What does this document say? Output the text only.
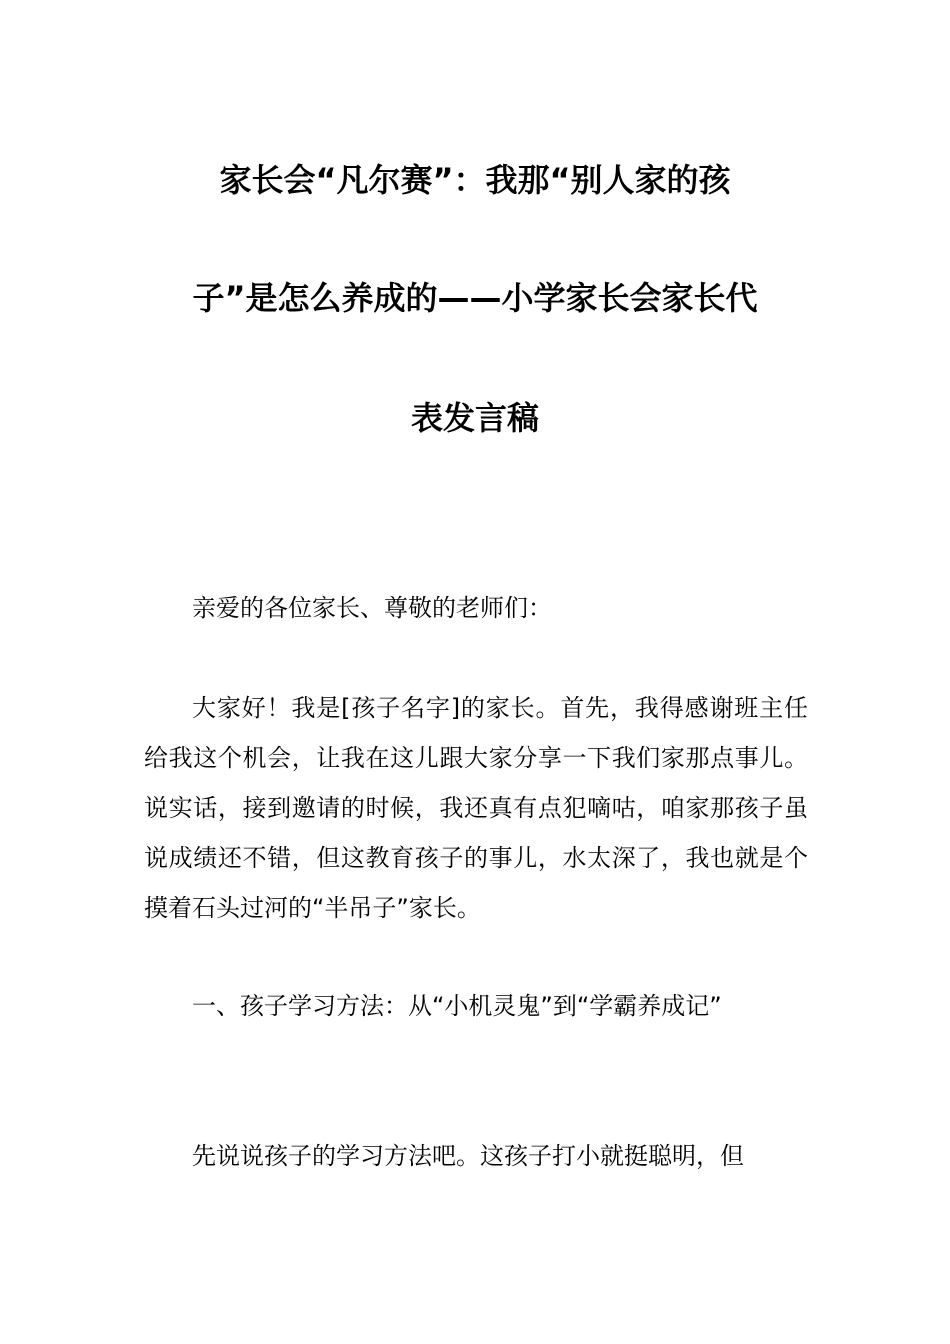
家长会“凡尔赛”：我那“别人家的孩
子”是怎么养成的——小学家长会家长代
表发言稿

亲爱的各位家长、尊敬的老师们：

大家好！我是[孩子名字]的家长。首先，我得感谢班主任给我这个机会，让我在这儿跟大家分享一下我们家那点事儿。说实话，接到邀请的时候，我还真有点犯嘀咕，咱家那孩子虽说成绩还不错，但这教育孩子的事儿，水太深了，我也就是个摸着石头过河的“半吊子”家长。

一、孩子学习方法：从“小机灵鬼”到“学霸养成记”

先说说孩子的学习方法吧。这孩子打小就挺聪明，但
